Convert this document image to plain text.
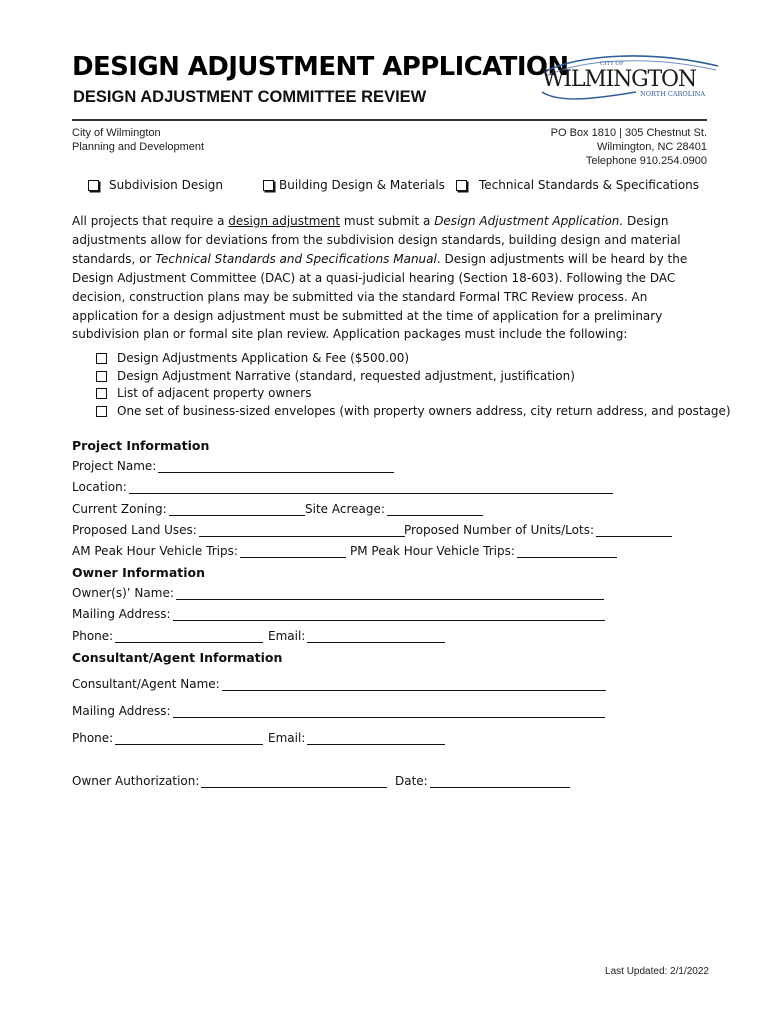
DESIGN ADJUSTMENT APPLICATION
DESIGN ADJUSTMENT COMMITTEE REVIEW
CITY OF
WILMINGTON
NORTH CAROLINA
City of Wilmington
Planning and Development
PO Box 1810 | 305 Chestnut St.
Wilmington, NC 28401
Telephone 910.254.0900
Subdivision Design	Building Design & Materials	Technical Standards & Specifications
All projects that require a design adjustment must submit a Design Adjustment Application. Design adjustments allow for deviations from the subdivision design standards, building design and material standards, or Technical Standards and Specifications Manual. Design adjustments will be heard by the Design Adjustment Committee (DAC) at a quasi-judicial hearing (Section 18-603). Following the DAC decision, construction plans may be submitted via the standard Formal TRC Review process. An application for a design adjustment must be submitted at the time of application for a preliminary subdivision plan or formal site plan review. Application packages must include the following:
Design Adjustments Application & Fee ($500.00)
Design Adjustment Narrative (standard, requested adjustment, justification)
List of adjacent property owners
One set of business-sized envelopes (with property owners address, city return address, and postage)
Project Information
Project Name:
Location:
Current Zoning:	Site Acreage:
Proposed Land Uses:	Proposed Number of Units/Lots:
AM Peak Hour Vehicle Trips:	PM Peak Hour Vehicle Trips:
Owner Information
Owner(s)’ Name:
Mailing Address:
Phone:	Email:
Consultant/Agent Information
Consultant/Agent Name:
Mailing Address:
Phone:	Email:
Owner Authorization:	Date:
Last Updated: 2/1/2022
